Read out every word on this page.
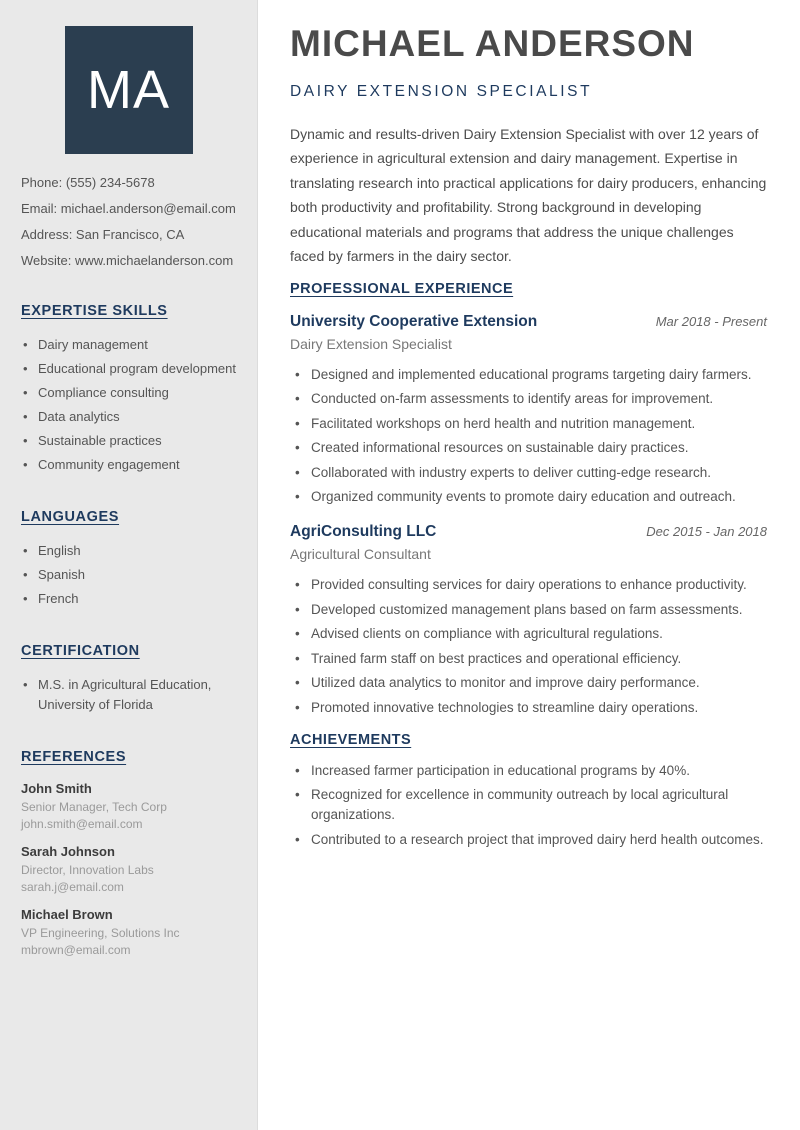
MA
Phone: (555) 234-5678
Email: michael.anderson@email.com
Address: San Francisco, CA
Website: www.michaelanderson.com
EXPERTISE SKILLS
• Dairy management
• Educational program development
• Compliance consulting
• Data analytics
• Sustainable practices
• Community engagement
LANGUAGES
• English
• Spanish
• French
CERTIFICATION
• M.S. in Agricultural Education, University of Florida
REFERENCES
John Smith
Senior Manager, Tech Corp
john.smith@email.com
Sarah Johnson
Director, Innovation Labs
sarah.j@email.com
Michael Brown
VP Engineering, Solutions Inc
mbrown@email.com
MICHAEL ANDERSON
DAIRY EXTENSION SPECIALIST

Dynamic and results-driven Dairy Extension Specialist with over 12 years of experience in agricultural extension and dairy management. Expertise in translating research into practical applications for dairy producers, enhancing both productivity and profitability. Strong background in developing educational materials and programs that address the unique challenges faced by farmers in the dairy sector.

PROFESSIONAL EXPERIENCE
University Cooperative Extension	Mar 2018 - Present
Dairy Extension Specialist
• Designed and implemented educational programs targeting dairy farmers.
• Conducted on-farm assessments to identify areas for improvement.
• Facilitated workshops on herd health and nutrition management.
• Created informational resources on sustainable dairy practices.
• Collaborated with industry experts to deliver cutting-edge research.
• Organized community events to promote dairy education and outreach.
AgriConsulting LLC	Dec 2015 - Jan 2018
Agricultural Consultant
• Provided consulting services for dairy operations to enhance productivity.
• Developed customized management plans based on farm assessments.
• Advised clients on compliance with agricultural regulations.
• Trained farm staff on best practices and operational efficiency.
• Utilized data analytics to monitor and improve dairy performance.
• Promoted innovative technologies to streamline dairy operations.
ACHIEVEMENTS
• Increased farmer participation in educational programs by 40%.
• Recognized for excellence in community outreach by local agricultural organizations.
• Contributed to a research project that improved dairy herd health outcomes.
